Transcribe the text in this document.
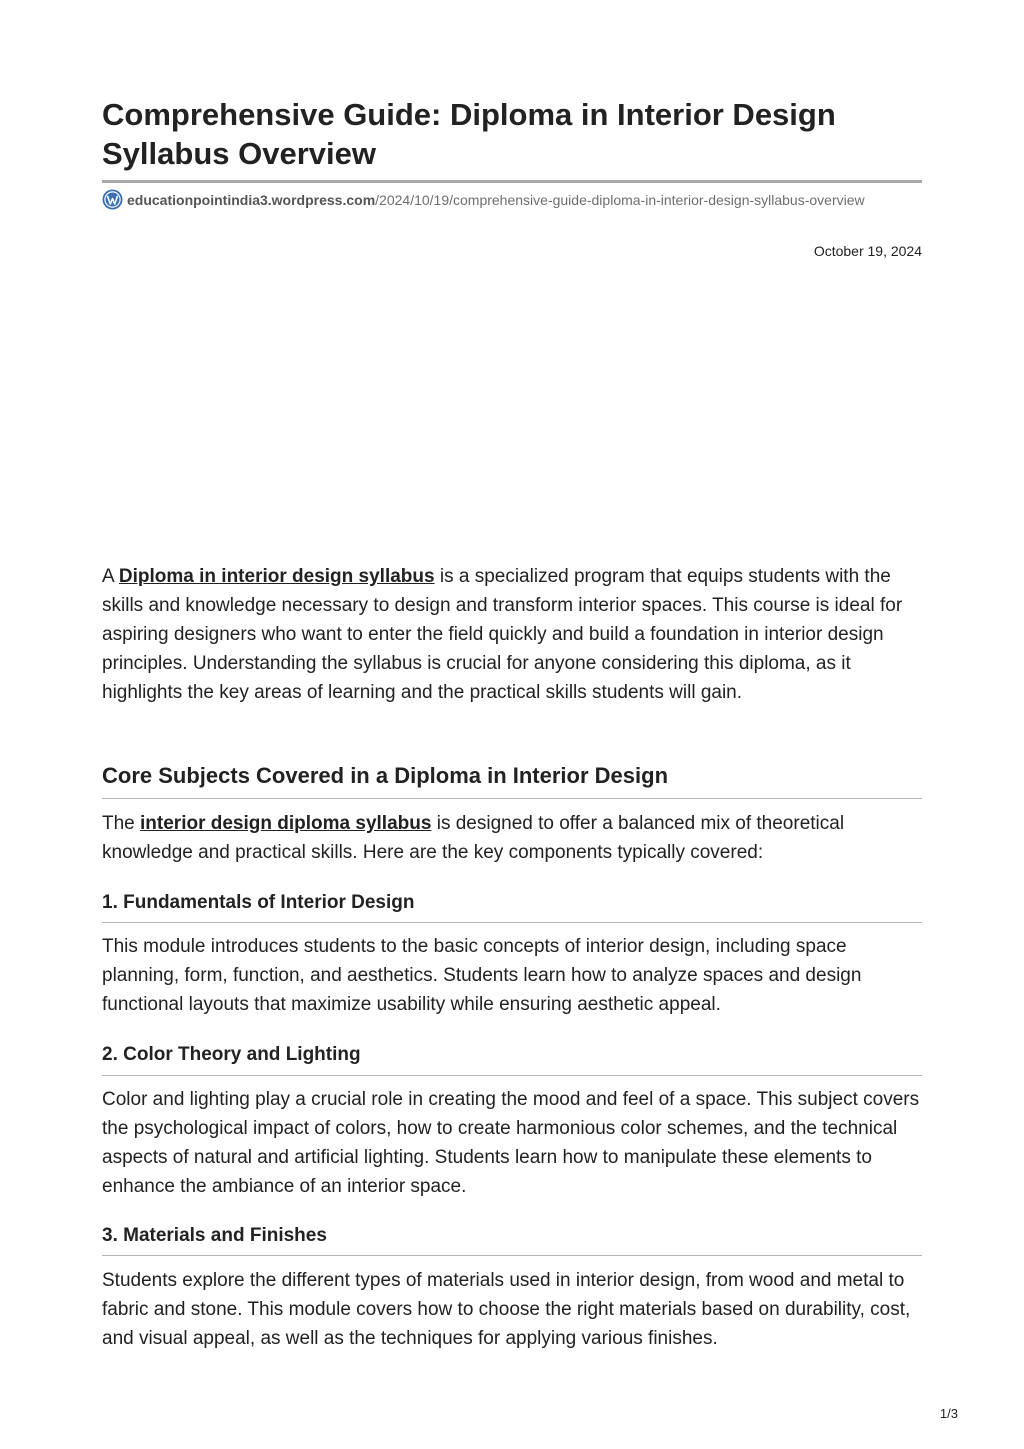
Comprehensive Guide: Diploma in Interior Design Syllabus Overview
educationpointindia3.wordpress.com/2024/10/19/comprehensive-guide-diploma-in-interior-design-syllabus-overview
October 19, 2024

A Diploma in interior design syllabus is a specialized program that equips students with the skills and knowledge necessary to design and transform interior spaces. This course is ideal for aspiring designers who want to enter the field quickly and build a foundation in interior design principles. Understanding the syllabus is crucial for anyone considering this diploma, as it highlights the key areas of learning and the practical skills students will gain.

Core Subjects Covered in a Diploma in Interior Design

The interior design diploma syllabus is designed to offer a balanced mix of theoretical knowledge and practical skills. Here are the key components typically covered:

1. Fundamentals of Interior Design

This module introduces students to the basic concepts of interior design, including space planning, form, function, and aesthetics. Students learn how to analyze spaces and design functional layouts that maximize usability while ensuring aesthetic appeal.

2. Color Theory and Lighting

Color and lighting play a crucial role in creating the mood and feel of a space. This subject covers the psychological impact of colors, how to create harmonious color schemes, and the technical aspects of natural and artificial lighting. Students learn how to manipulate these elements to enhance the ambiance of an interior space.

3. Materials and Finishes

Students explore the different types of materials used in interior design, from wood and metal to fabric and stone. This module covers how to choose the right materials based on durability, cost, and visual appeal, as well as the techniques for applying various finishes.

1/3
